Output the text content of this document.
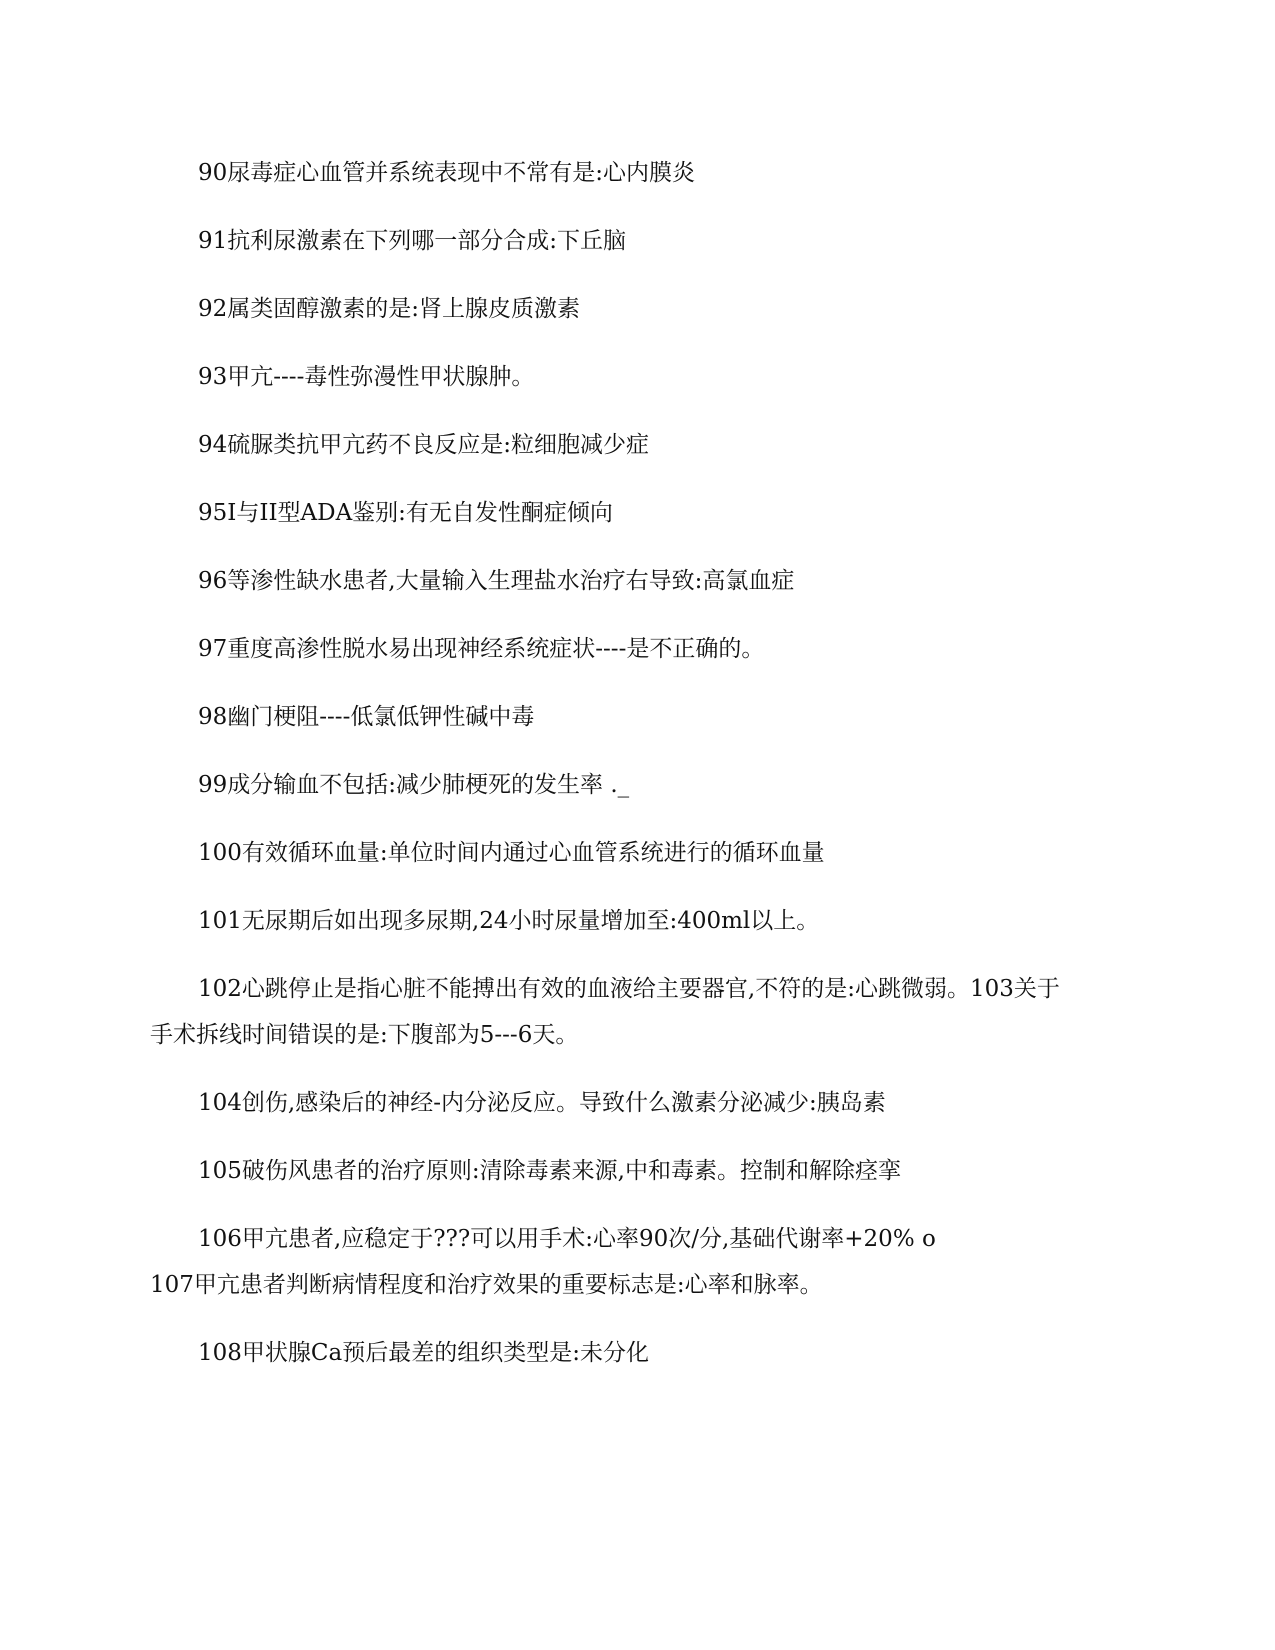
90尿毒症心血管并系统表现中不常有是:心内膜炎
91抗利尿激素在下列哪一部分合成:下丘脑
92属类固醇激素的是:肾上腺皮质激素
93甲亢----毒性弥漫性甲状腺肿。
94硫脲类抗甲亢药不良反应是:粒细胞减少症
95I与II型ADA鉴别:有无自发性酮症倾向
96等渗性缺水患者,大量输入生理盐水治疗右导致:高氯血症
97重度高渗性脱水易出现神经系统症状----是不正确的。
98幽门梗阻----低氯低钾性碱中毒
99成分输血不包括:减少肺梗死的发生率 ._
100有效循环血量:单位时间内通过心血管系统进行的循环血量
101无尿期后如出现多尿期,24小时尿量增加至:400ml以上。
102心跳停止是指心脏不能搏出有效的血液给主要器官,不符的是:心跳微弱。103关于
手术拆线时间错误的是:下腹部为5---6天。
104创伤,感染后的神经-内分泌反应。导致什么激素分泌减少:胰岛素
105破伤风患者的治疗原则:清除毒素来源,中和毒素。控制和解除痉挛
106甲亢患者,应稳定于???可以用手术:心率90次/分,基础代谢率+20% o
107甲亢患者判断病情程度和治疗效果的重要标志是:心率和脉率。
108甲状腺Ca预后最差的组织类型是:未分化
